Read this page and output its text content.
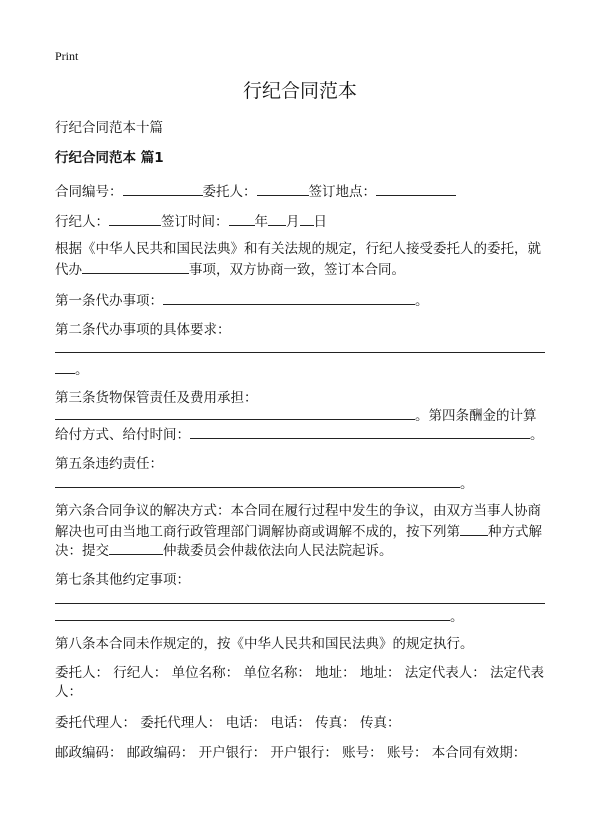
Print
行纪合同范本
行纪合同范本十篇
行纪合同范本 篇1
合同编号：	委托人：	签订地点：
行纪人：	签订时间： 年 月 日
根据《中华人民共和国民法典》和有关法规的规定，行纪人接受委托人的委托，就
代办	事项，双方协商一致，签订本合同。
第一条代办事项：	。
第二条代办事项的具体要求：
。
第三条货物保管责任及费用承担：
。第四条酬金的计算
给付方式、给付时间：	。
第五条违约责任：
。
第六条合同争议的解决方式：本合同在履行过程中发生的争议，由双方当事人协商
解决也可由当地工商行政管理部门调解协商或调解不成的，按下列第 种方式解
决：提交	仲裁委员会仲裁依法向人民法院起诉。
第七条其他约定事项：
。
第八条本合同未作规定的，按《中华人民共和国民法典》的规定执行。
委托人： 行纪人： 单位名称： 单位名称： 地址： 地址： 法定代表人： 法定代表
人：
委托代理人： 委托代理人： 电话： 电话： 传真： 传真：
邮政编码： 邮政编码： 开户银行： 开户银行： 账号： 账号： 本合同有效期：
